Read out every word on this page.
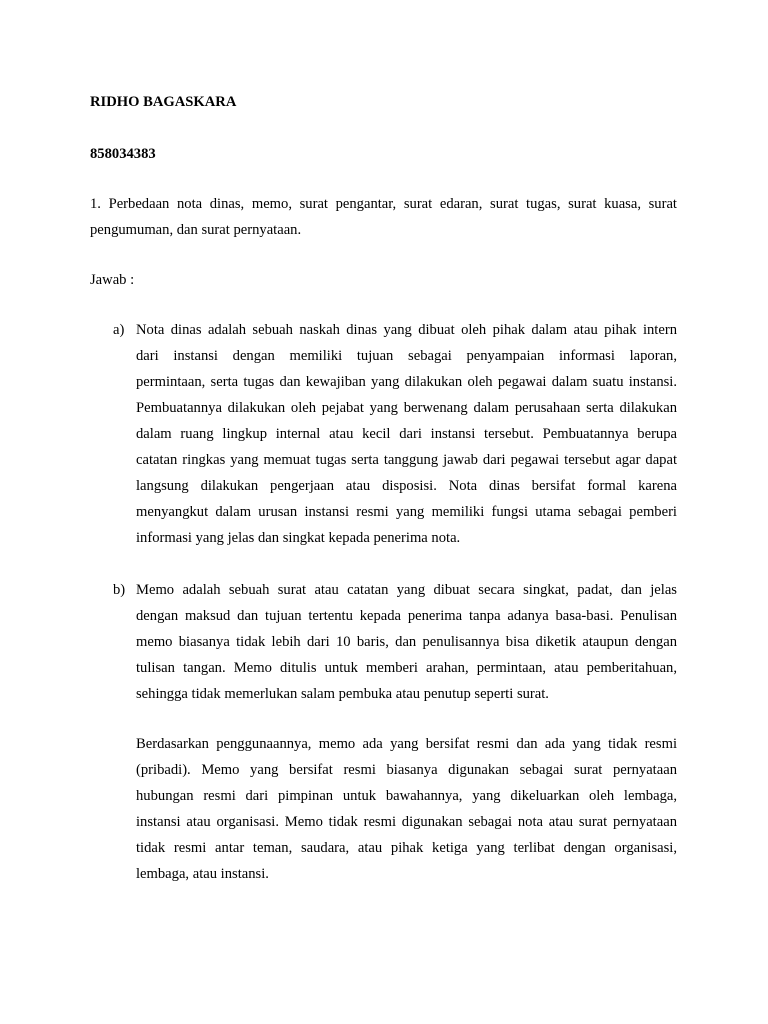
RIDHO BAGASKARA
858034383
1. Perbedaan nota dinas, memo, surat pengantar, surat edaran, surat tugas, surat kuasa, surat
pengumuman, dan surat pernyataan.
Jawab :
a) Nota dinas adalah sebuah naskah dinas yang dibuat oleh pihak dalam atau pihak intern
dari instansi dengan memiliki tujuan sebagai penyampaian informasi laporan,
permintaan, serta tugas dan kewajiban yang dilakukan oleh pegawai dalam suatu instansi.
Pembuatannya dilakukan oleh pejabat yang berwenang dalam perusahaan serta dilakukan
dalam ruang lingkup internal atau kecil dari instansi tersebut. Pembuatannya berupa
catatan ringkas yang memuat tugas serta tanggung jawab dari pegawai tersebut agar dapat
langsung dilakukan pengerjaan atau disposisi. Nota dinas bersifat formal karena
menyangkut dalam urusan instansi resmi yang memiliki fungsi utama sebagai pemberi
informasi yang jelas dan singkat kepada penerima nota.
b) Memo adalah sebuah surat atau catatan yang dibuat secara singkat, padat, dan jelas
dengan maksud dan tujuan tertentu kepada penerima tanpa adanya basa-basi. Penulisan
memo biasanya tidak lebih dari 10 baris, dan penulisannya bisa diketik ataupun dengan
tulisan tangan. Memo ditulis untuk memberi arahan, permintaan, atau pemberitahuan,
sehingga tidak memerlukan salam pembuka atau penutup seperti surat.
Berdasarkan penggunaannya, memo ada yang bersifat resmi dan ada yang tidak resmi
(pribadi). Memo yang bersifat resmi biasanya digunakan sebagai surat pernyataan
hubungan resmi dari pimpinan untuk bawahannya, yang dikeluarkan oleh lembaga,
instansi atau organisasi. Memo tidak resmi digunakan sebagai nota atau surat pernyataan
tidak resmi antar teman, saudara, atau pihak ketiga yang terlibat dengan organisasi,
lembaga, atau instansi.
